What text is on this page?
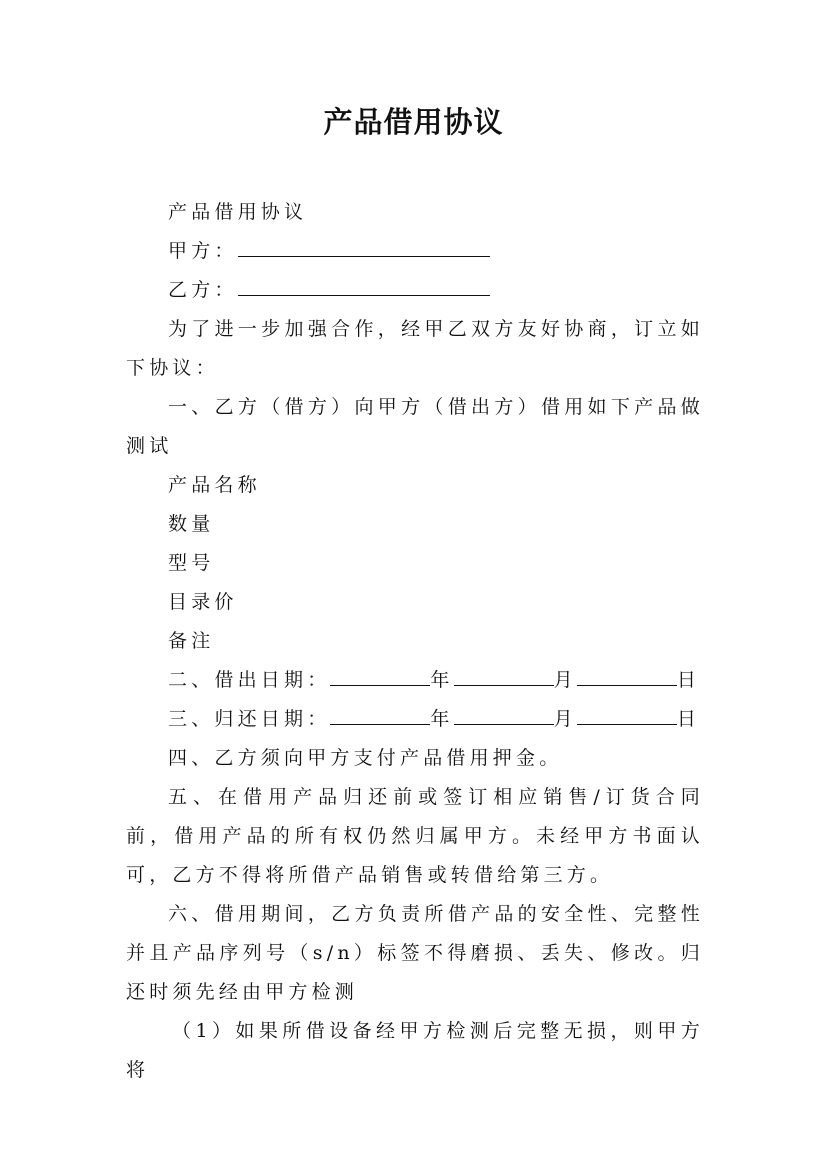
产品借用协议

产品借用协议

甲方：

乙方：

为了进一步加强合作，经甲乙双方友好协商，订立如下协议：

一、乙方（借方）向甲方（借出方）借用如下产品做测试

产品名称

数量

型号

目录价

备注

二、借出日期：	年	月	日

三、归还日期：	年	月	日

四、乙方须向甲方支付产品借用押金。

五、在借用产品归还前或签订相应销售/订货合同前，借用产品的所有权仍然归属甲方。未经甲方书面认可，乙方不得将所借产品销售或转借给第三方。

六、借用期间，乙方负责所借产品的安全性、完整性并且产品序列号（s/n）标签不得磨损、丢失、修改。归还时须先经由甲方检测

（1）如果所借设备经甲方检测后完整无损，则甲方将
